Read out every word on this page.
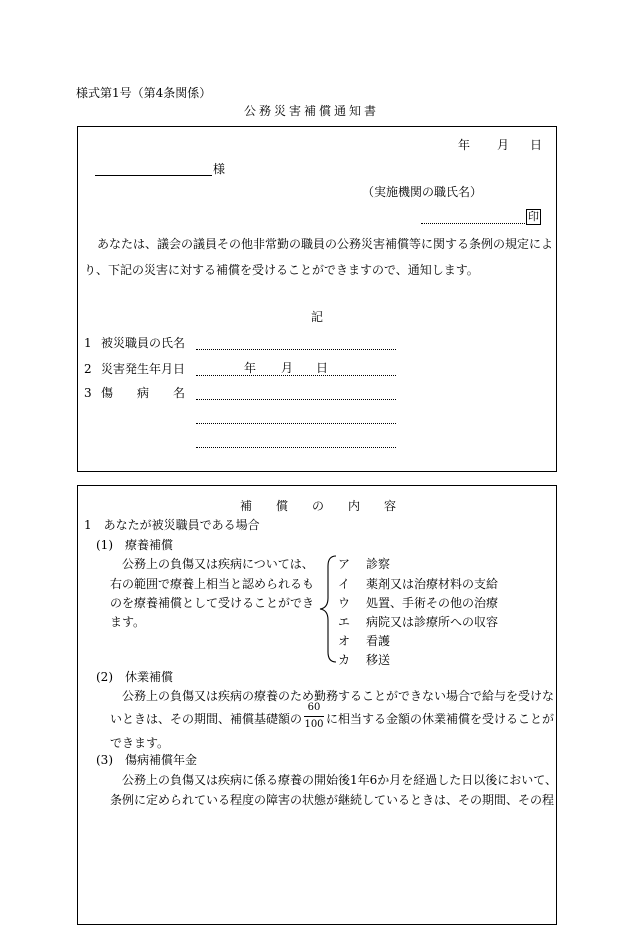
様式第1号（第4条関係）
公務災害補償通知書
年 月 日
様
（実施機関の職氏名）
印
あなたは、議会の議員その他非常勤の職員の公務災害補償等に関する条例の規定によ
り、下記の災害に対する補償を受けることができますので、通知します。
記
1 被災職員の氏名
2 災害発生年月日	年 月 日
3 傷　　病　　名
補　　償　　の　　内　　容
1　あなたが被災職員である場合
(1)　療養補償
公務上の負傷又は疾病については、
右の範囲で療養上相当と認められるも
のを療養補償として受けることができ
ます。
ア 診察
イ 薬剤又は治療材料の支給
ウ 処置、手術その他の治療
エ 病院又は診療所への収容
オ 看護
カ 移送
(2)　休業補償
公務上の負傷又は疾病の療養のため勤務することができない場合で給与を受けな
いときは、その期間、補償基礎額の
60
100 に相当する金額の休業補償を受けることが
できます。
(3)　傷病補償年金
公務上の負傷又は疾病に係る療養の開始後1年6か月を経過した日以後において、
条例に定められている程度の障害の状態が継続しているときは、その期間、その程
